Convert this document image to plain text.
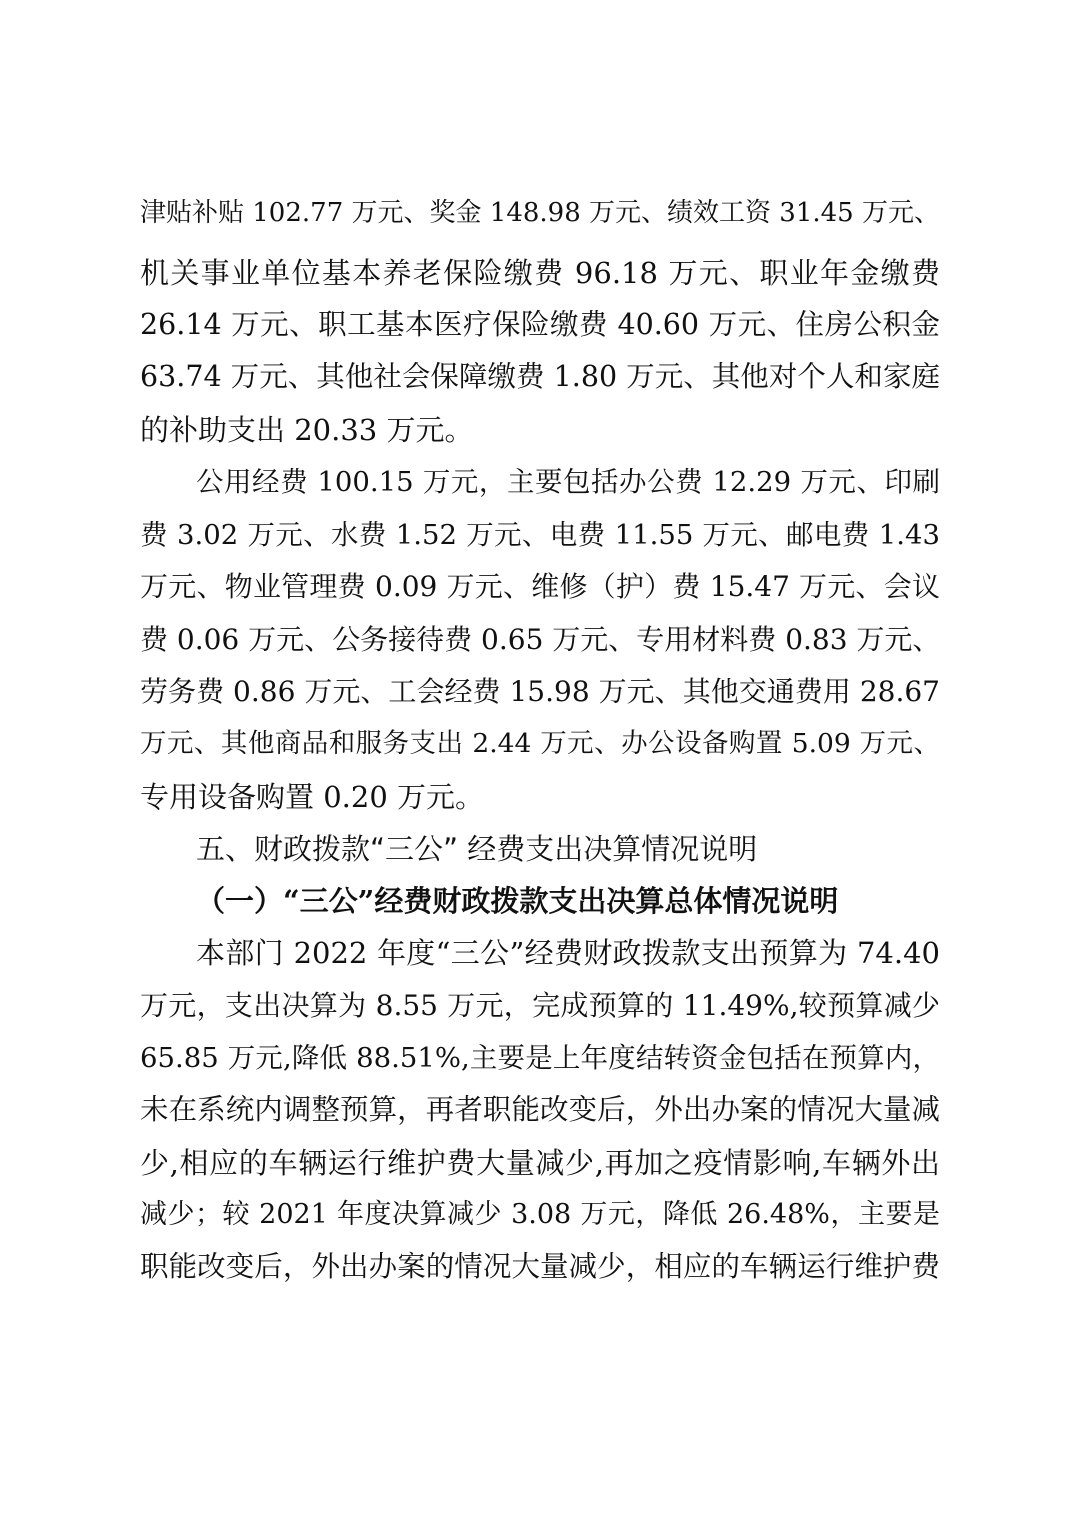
津贴补贴 102.77 万元、奖金 148.98 万元、绩效工资 31.45 万元、
机关事业单位基本养老保险缴费 96.18 万元、职业年金缴费
26.14 万元、职工基本医疗保险缴费 40.60 万元、住房公积金
63.74 万元、其他社会保障缴费 1.80 万元、其他对个人和家庭
的补助支出 20.33 万元。
公用经费 100.15 万元，主要包括办公费 12.29 万元、印刷
费 3.02 万元、水费 1.52 万元、电费 11.55 万元、邮电费 1.43
万元、物业管理费 0.09 万元、维修（护）费 15.47 万元、会议
费 0.06 万元、公务接待费 0.65 万元、专用材料费 0.83 万元、
劳务费 0.86 万元、工会经费 15.98 万元、其他交通费用 28.67
万元、其他商品和服务支出 2.44 万元、办公设备购置 5.09 万元、
专用设备购置 0.20 万元。
五、财政拨款“三公” 经费支出决算情况说明
（一）“三公”经费财政拨款支出决算总体情况说明
本部门 2022 年度“三公”经费财政拨款支出预算为 74.40
万元，支出决算为 8.55 万元，完成预算的 11.49%,较预算减少
65.85 万元,降低 88.51%,主要是上年度结转资金包括在预算内，
未在系统内调整预算，再者职能改变后，外出办案的情况大量减
少,相应的车辆运行维护费大量减少,再加之疫情影响,车辆外出
减少；较 2021 年度决算减少 3.08 万元，降低 26.48%，主要是
职能改变后，外出办案的情况大量减少，相应的车辆运行维护费
